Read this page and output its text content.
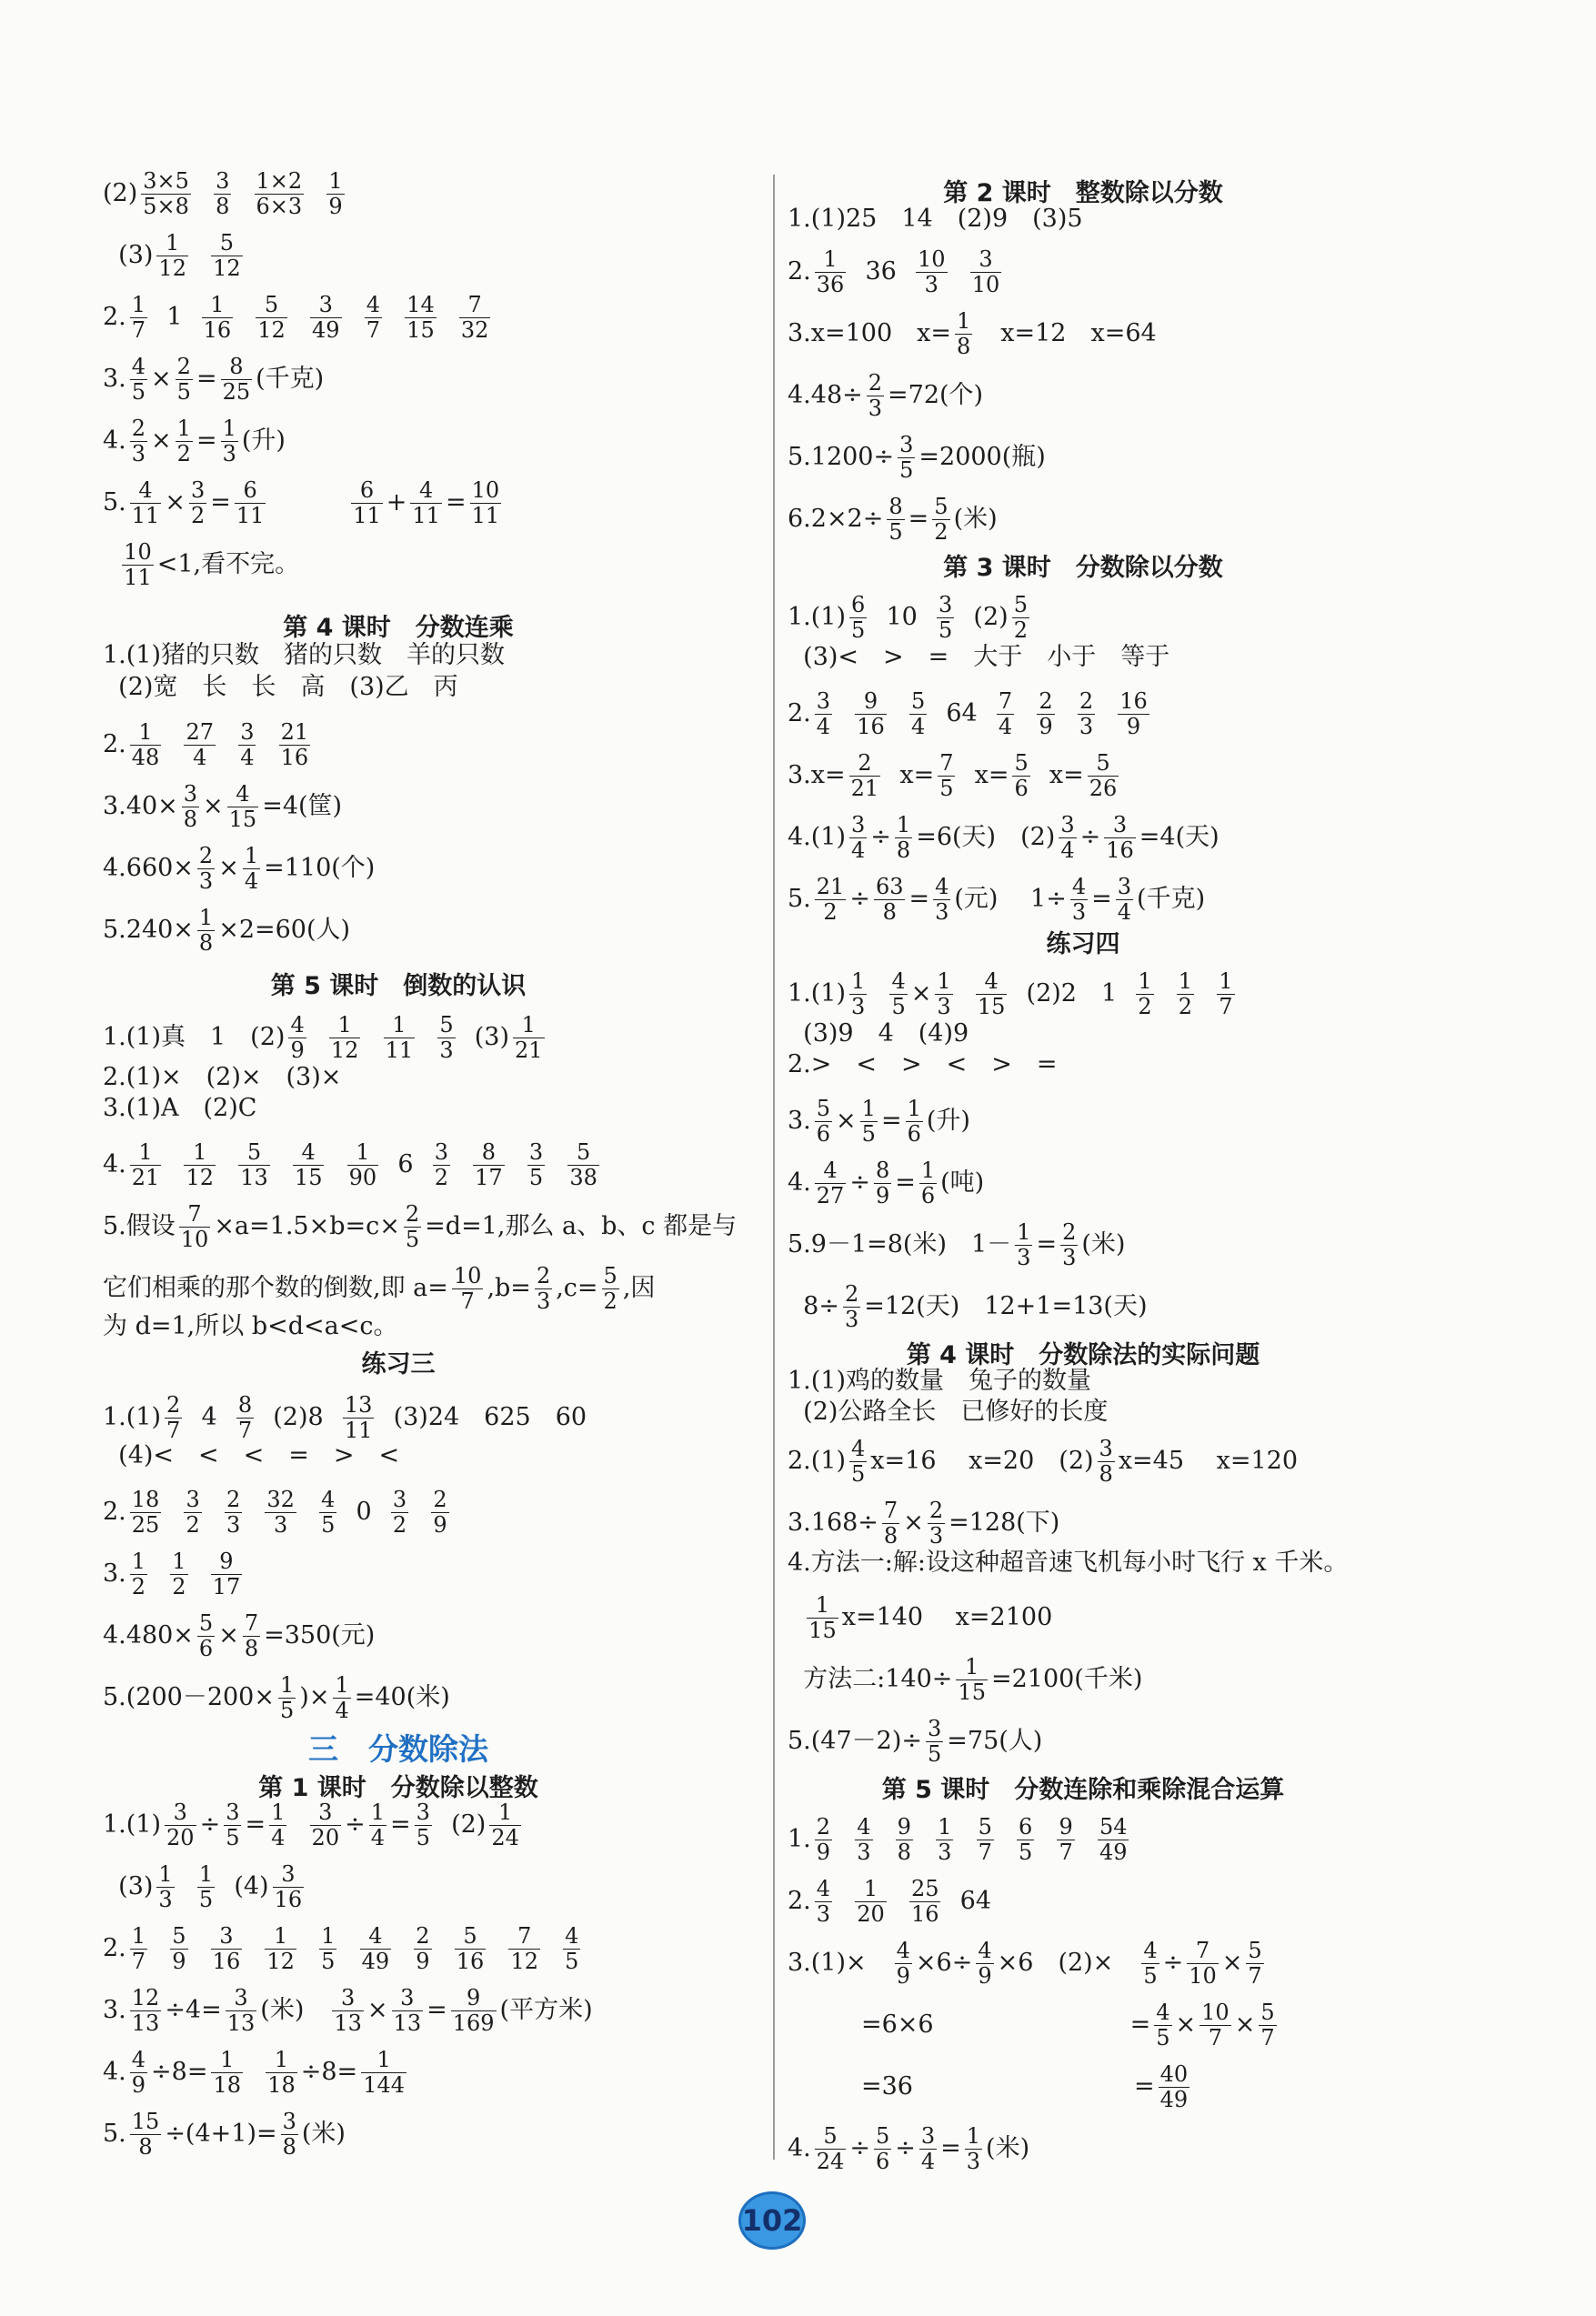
$(2) \frac{3\times 5}{5\times 8}$
$\frac{3}{8}$
$\frac{1\times 2}{6\times 3}$
$\frac{1}{9}$
$(3) \frac{1}{12}$
$\frac{5}{12}$
2. $\frac{1}{7} 1 \frac{1}{16}$
$\frac{5}{12}$
$\frac{3}{49}$
$\frac{4}{7}$
$\frac{14}{15}$
$\frac{7}{32}$
3. $\frac{4}{5} \times \frac{2}{5} = \frac{8}{25}$ (千克)
4. $\frac{2}{3} \times \frac{1}{2} = \frac{1}{3}$ (升)
5. $\frac{4}{11} \times \frac{3}{2} = \frac{6}{11}$
	$\frac{6}{11} + \frac{4}{11} = \frac{10}{11}$

$\frac{10}{11} <1$,看不完。
第 4 课时　分数连乘
1.(1)猪的只数　猪的只数　羊的只数
(2)宽　长　长　高　(3)乙　丙
2. $\frac{1}{48}$
$\frac{27}{4}$
$\frac{3}{4}$
$\frac{21}{16}$
$3.40\times \frac{3}{8} \times \frac{4}{15} =4$(筐)
$4.660\times \frac{2}{3} \times \frac{1}{4} =110$(个)
$5.240\times \frac{1}{8} \times 2=60$(人)
第 5 课时　倒数的认识
1.(1)真　1　$(2) \frac{4}{9}$
$\frac{1}{12}$
$\frac{1}{11}$
$\frac{5}{3} (3) \frac{1}{21}$
2.(1)×　(2)×　(3)×
3.(1)A　(2)C
4. $\frac{1}{21}$
$\frac{1}{12}$
$\frac{5}{13}$
$\frac{4}{15}$
$\frac{1}{90} 6 \frac{3}{2}$
$\frac{8}{17}$
$\frac{3}{5}$
$\frac{5}{38}$
5.假设 $\frac{7}{10} \times a=1.5\times b=c\times \frac{2}{5} =d=1$,那么 a、b、c 都是与
它们相乘的那个数的倒数,即 $a= \frac{10}{7} ,b= \frac{2}{3} ,c= \frac{5}{2}$ ,因
为 d=1,所以 b<d<a<c。
练习三
$1.(1) \frac{2}{7} 4 \frac{8}{7} (2)8 \frac{13}{11} (3)24$　625　60
(4)<　<　<　=　>　<
2. $\frac{18}{25}$
$\frac{3}{2}$
$\frac{2}{3}$
$\frac{32}{3}$
$\frac{4}{5} 0 \frac{3}{2}$
$\frac{2}{9}$
3. $\frac{1}{2}$
$\frac{1}{2}$
$\frac{9}{17}$
$4.480\times \frac{5}{6} \times \frac{7}{8} =350$(元)
$5.(200-200\times \frac{1}{5}$ )× $\frac{1}{4} =40$(米)
三　分数除法
第 1 课时　分数除以整数
$1.(1) \frac{3}{20} \div \frac{3}{5} = \frac{1}{4}$
$\frac{3}{20} \div \frac{1}{4} = \frac{3}{5} (2) \frac{1}{24}$
$(3) \frac{1}{3}$
$\frac{1}{5} (4) \frac{3}{16}$
2. $\frac{1}{7}$
$\frac{5}{9}$
$\frac{3}{16}$
$\frac{1}{12}$
$\frac{1}{5}$
$\frac{4}{49}$
$\frac{2}{9}$
$\frac{5}{16}$
$\frac{7}{12}$
$\frac{4}{5}$
3. $\frac{12}{13} \div 4= \frac{3}{13}$ (米)　 $\frac{3}{13} \times \frac{3}{13} = \frac{9}{169}$ (平方米)
4. $\frac{4}{9} \div 8= \frac{1}{18}$
$\frac{1}{18} \div 8= \frac{1}{144}$
5. $\frac{15}{8} \div(4+1)= \frac{3}{8}$ (米)
第 2 课时　整数除以分数
1.(1)25　14　(2)9　(3)5
2. $\frac{1}{36} 36 \frac{10}{3}$
$\frac{3}{10}$
3.x=100　$x= \frac{1}{8}$ 　x=12　x=64
$4.48\div \frac{2}{3} =72$(个)
$5.1200\div \frac{3}{5} =2000$(瓶)
$6.2\times 2\div \frac{8}{5} = \frac{5}{2}$ (米)
第 3 课时　分数除以分数
$1.(1) \frac{6}{5} 10 \frac{3}{5} (2) \frac{5}{2}$
(3)<　>　=　大于　小于　等于
2. $\frac{3}{4}$
$\frac{9}{16}$
$\frac{5}{4} 64 \frac{7}{4}$
$\frac{2}{9}$
$\frac{2}{3}$
$\frac{16}{9}$
$3.x= \frac{2}{21} x= \frac{7}{5} x= \frac{5}{6} x= \frac{5}{26}$
$4.(1) \frac{3}{4} \div \frac{1}{8} =6$(天)　$(2) \frac{3}{4} \div \frac{3}{16} =4$(天)
5. $\frac{21}{2} \div \frac{63}{8} = \frac{4}{3}$ (元)　 $1\div \frac{4}{3} = \frac{3}{4}$ (千克)
练习四
$1.(1) \frac{1}{3}$
$\frac{4}{5} \times \frac{1}{3}$
$\frac{4}{15} (2)2$　$1 \frac{1}{2}$
$\frac{1}{2}$
$\frac{1}{7}$
(3)9　4　(4)9
2.>　<　>　<　>　=
3. $\frac{5}{6} \times \frac{1}{5} = \frac{1}{6}$ (升)
4. $\frac{4}{27} \div \frac{8}{9} = \frac{1}{6}$ (吨)
5.9－1=8(米)　$1- \frac{1}{3} = \frac{2}{3}$ (米)
$8\div \frac{2}{3} =12$(天)　12+1=13(天)
第 4 课时　分数除法的实际问题
1.(1)鸡的数量　兔子的数量
(2)公路全长　已修好的长度
$2.(1) \frac{4}{5} x=16$　 x=20　$(2) \frac{3}{8} x=45$　 x=120
$3.168\div \frac{7}{8} \times \frac{2}{3} =128$(下)
4.方法一:解:设这种超音速飞机每小时飞行 x 千米。

$\frac{1}{15} x=140$　 x=2100
方法二:140÷ $\frac{1}{15} =2100$(千米)
$5.(47-2)\div \frac{3}{5} =75$(人)
第 5 课时　分数连除和乘除混合运算
1. $\frac{2}{9}$
$\frac{4}{3}$
$\frac{9}{8}$
$\frac{1}{3}$
$\frac{5}{7}$
$\frac{6}{5}$
$\frac{9}{7}$
$\frac{54}{49}$
2. $\frac{4}{3}$
$\frac{1}{20}$
$\frac{25}{16} 64$
3.(1)×　 $\frac{4}{9} \times 6\div \frac{4}{9} \times 6$　(2)×　 $\frac{4}{5} \div \frac{7}{10} \times \frac{5}{7}$
　　　=6×6　　　　　　　　= $\frac{4}{5} \times \frac{10}{7} \times \frac{5}{7}$
　　　=36　　　　　　　　　= $\frac{40}{49}$
4. $\frac{5}{24} \div \frac{5}{6} \div \frac{3}{4} = \frac{1}{3}$ (米)
102
